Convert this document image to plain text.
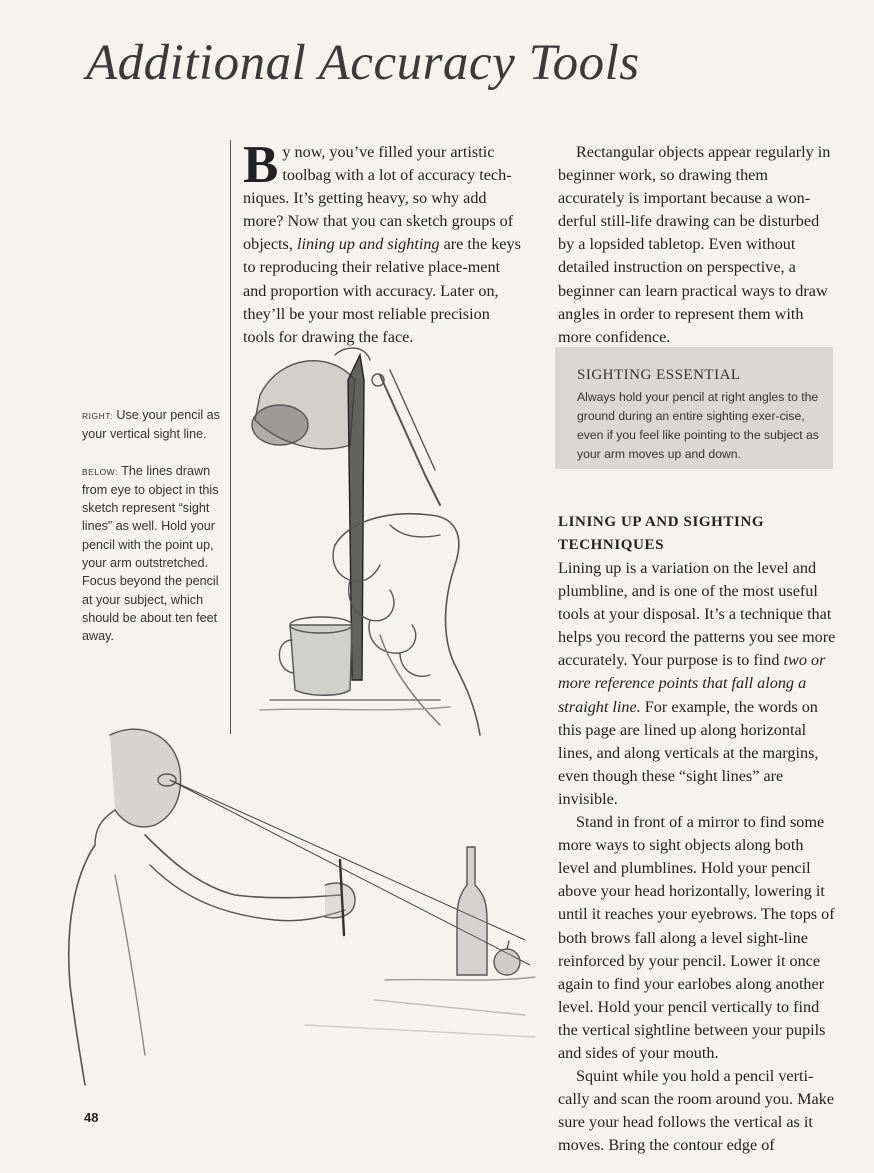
Additional Accuracy Tools

By now, you’ve filled your artistic toolbag with a lot of accuracy tech-niques. It’s getting heavy, so why add more? Now that you can sketch groups of objects, lining up and sighting are the keys to reproducing their relative place-ment and proportion with accuracy. Later on, they’ll be your most reliable precision tools for drawing the face.

Rectangular objects appear regularly in beginner work, so drawing them accurately is important because a won-derful still-life drawing can be disturbed by a lopsided tabletop. Even without detailed instruction on perspective, a beginner can learn practical ways to draw angles in order to represent them with more confidence.

SIGHTING ESSENTIAL
Always hold your pencil at right angles to the ground during an entire sighting exer-cise, even if you feel like pointing to the subject as your arm moves up and down.
LINING UP AND SIGHTING TECHNIQUES

Lining up is a variation on the level and plumbline, and is one of the most useful tools at your disposal. It’s a technique that helps you record the patterns you see more accurately. Your purpose is to find two or more reference points that fall along a straight line. For example, the words on this page are lined up along horizontal lines, and along verticals at the margins, even though these “sight lines” are invisible.

Stand in front of a mirror to find some more ways to sight objects along both level and plumblines. Hold your pencil above your head horizontally, lowering it until it reaches your eyebrows. The tops of both brows fall along a level sight-line reinforced by your pencil. Lower it once again to find your earlobes along another level. Hold your pencil vertically to find the vertical sightline between your pupils and sides of your mouth.

Squint while you hold a pencil verti-cally and scan the room around you. Make sure your head follows the vertical as it moves. Bring the contour edge of

RIGHT: Use your pencil as your vertical sight line.

BELOW: The lines drawn from eye to object in this sketch represent “sight lines” as well. Hold your pencil with the point up, your arm outstretched. Focus beyond the pencil at your subject, which should be about ten feet away.

48
